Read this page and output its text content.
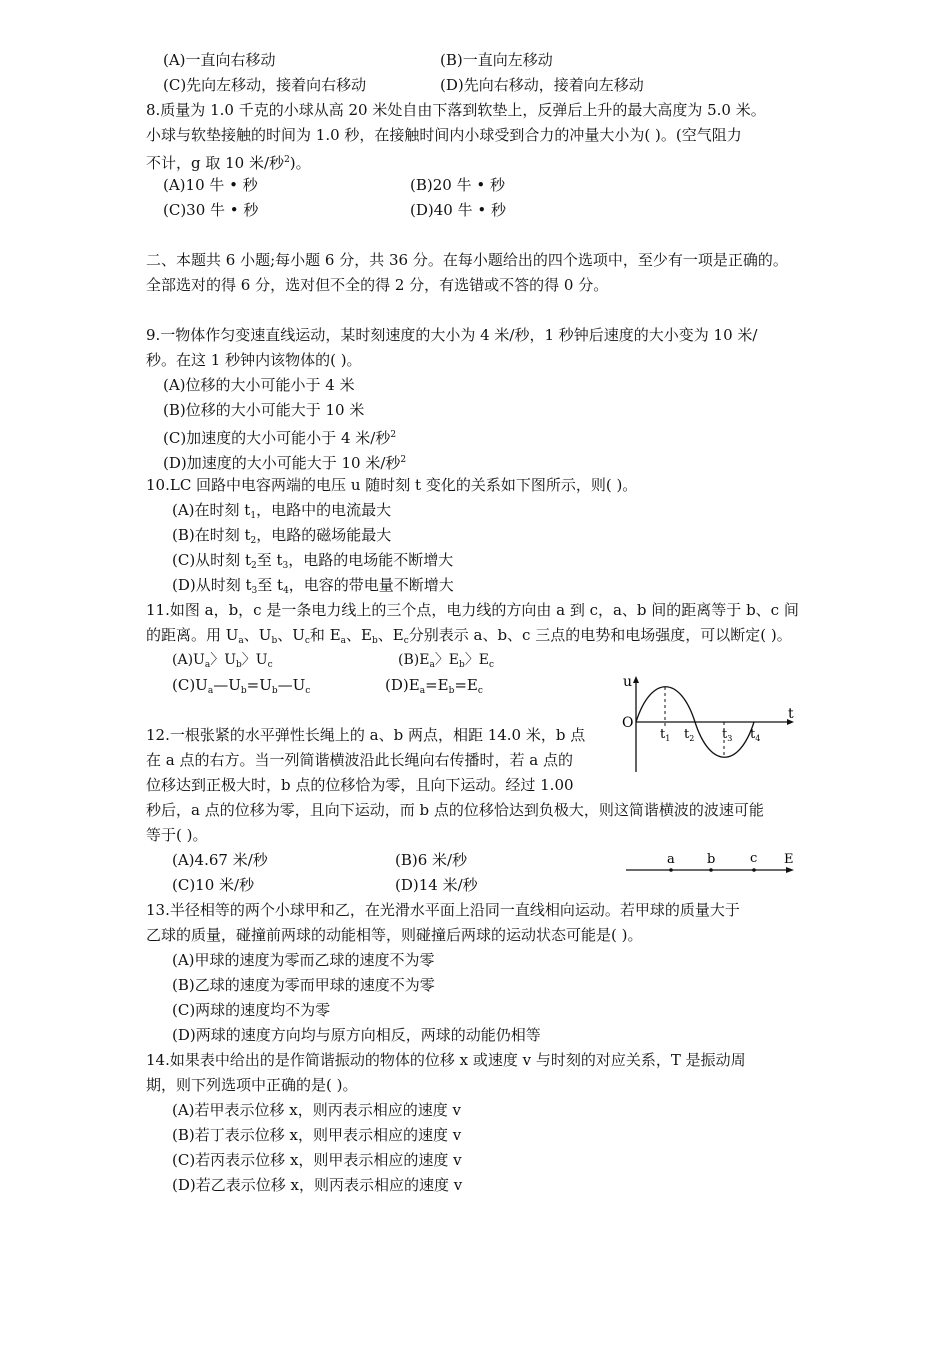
(A)一直向右移动	(B)一直向左移动
(C)先向左移动，接着向右移动	(D)先向右移动，接着向左移动
8.质量为 1.0 千克的小球从高 20 米处自由下落到软垫上，反弹后上升的最大高度为 5.0 米。
小球与软垫接触的时间为 1.0 秒，在接触时间内小球受到合力的冲量大小为( )。(空气阻力
不计，g 取 10 米/秒$^2$)。
(A)10 牛 • 秒	(B)20 牛 • 秒
(C)30 牛 • 秒	(D)40 牛 • 秒
二、本题共 6 小题;每小题 6 分，共 36 分。在每小题给出的四个选项中，至少有一项是正确的。
全部选对的得 6 分，选对但不全的得 2 分，有选错或不答的得 0 分。
9.一物体作匀变速直线运动，某时刻速度的大小为 4 米/秒，1 秒钟后速度的大小变为 10 米/
秒。在这 1 秒钟内该物体的( )。
(A)位移的大小可能小于 4 米
(B)位移的大小可能大于 10 米
(C)加速度的大小可能小于 4 米/秒$^2$
(D)加速度的大小可能大于 10 米/秒$^2$
10.LC 回路中电容两端的电压 u 随时刻 t 变化的关系如下图所示，则( )。
(A)在时刻 $t_1$，电路中的电流最大
(B)在时刻 $t_2$，电路的磁场能最大
(C)从时刻 $t_2$至 $t_3$，电路的电场能不断增大
(D)从时刻 $t_3$至 $t_4$，电容的带电量不断增大
11.如图 a，b，c 是一条电力线上的三个点，电力线的方向由 a 到 c，a、b 间的距离等于 b、c 间
的距离。用 $U_a$、$U_b$、$U_c$和 $E_a$、$E_b$、$E_c$分别表示 a、b、c 三点的电势和电场强度，可以断定( )。
$(A)U_a$〉$U_b$〉$U_c$	$(B)E_a$〉$E_b$〉$E_c$
$(C)U_a—U_b=U_b—U_c$	$(D)E_a=E_b=E_c$
u
O
t
$t_1$ $t_2$ $t_3$ $t_4$
12.一根张紧的水平弹性长绳上的 a、b 两点，相距 14.0 米，b 点
在 a 点的右方。当一列简谐横波沿此长绳向右传播时，若 a 点的
位移达到正极大时，b 点的位移恰为零，且向下运动。经过 1.00
秒后，a 点的位移为零，且向下运动，而 b 点的位移恰达到负极大，则这简谐横波的波速可能
等于( )。
(A)4.67 米/秒	(B)6 米/秒
(C)10 米/秒	(D)14 米/秒
a b	c E
13.半径相等的两个小球甲和乙，在光滑水平面上沿同一直线相向运动。若甲球的质量大于
乙球的质量，碰撞前两球的动能相等，则碰撞后两球的运动状态可能是( )。
(A)甲球的速度为零而乙球的速度不为零
(B)乙球的速度为零而甲球的速度不为零
(C)两球的速度均不为零
(D)两球的速度方向均与原方向相反，两球的动能仍相等
14.如果表中给出的是作简谐振动的物体的位移 x 或速度 v 与时刻的对应关系，T 是振动周
期，则下列选项中正确的是( )。
(A)若甲表示位移 x，则丙表示相应的速度 v
(B)若丁表示位移 x，则甲表示相应的速度 v
(C)若丙表示位移 x，则甲表示相应的速度 v
(D)若乙表示位移 x，则丙表示相应的速度 v
